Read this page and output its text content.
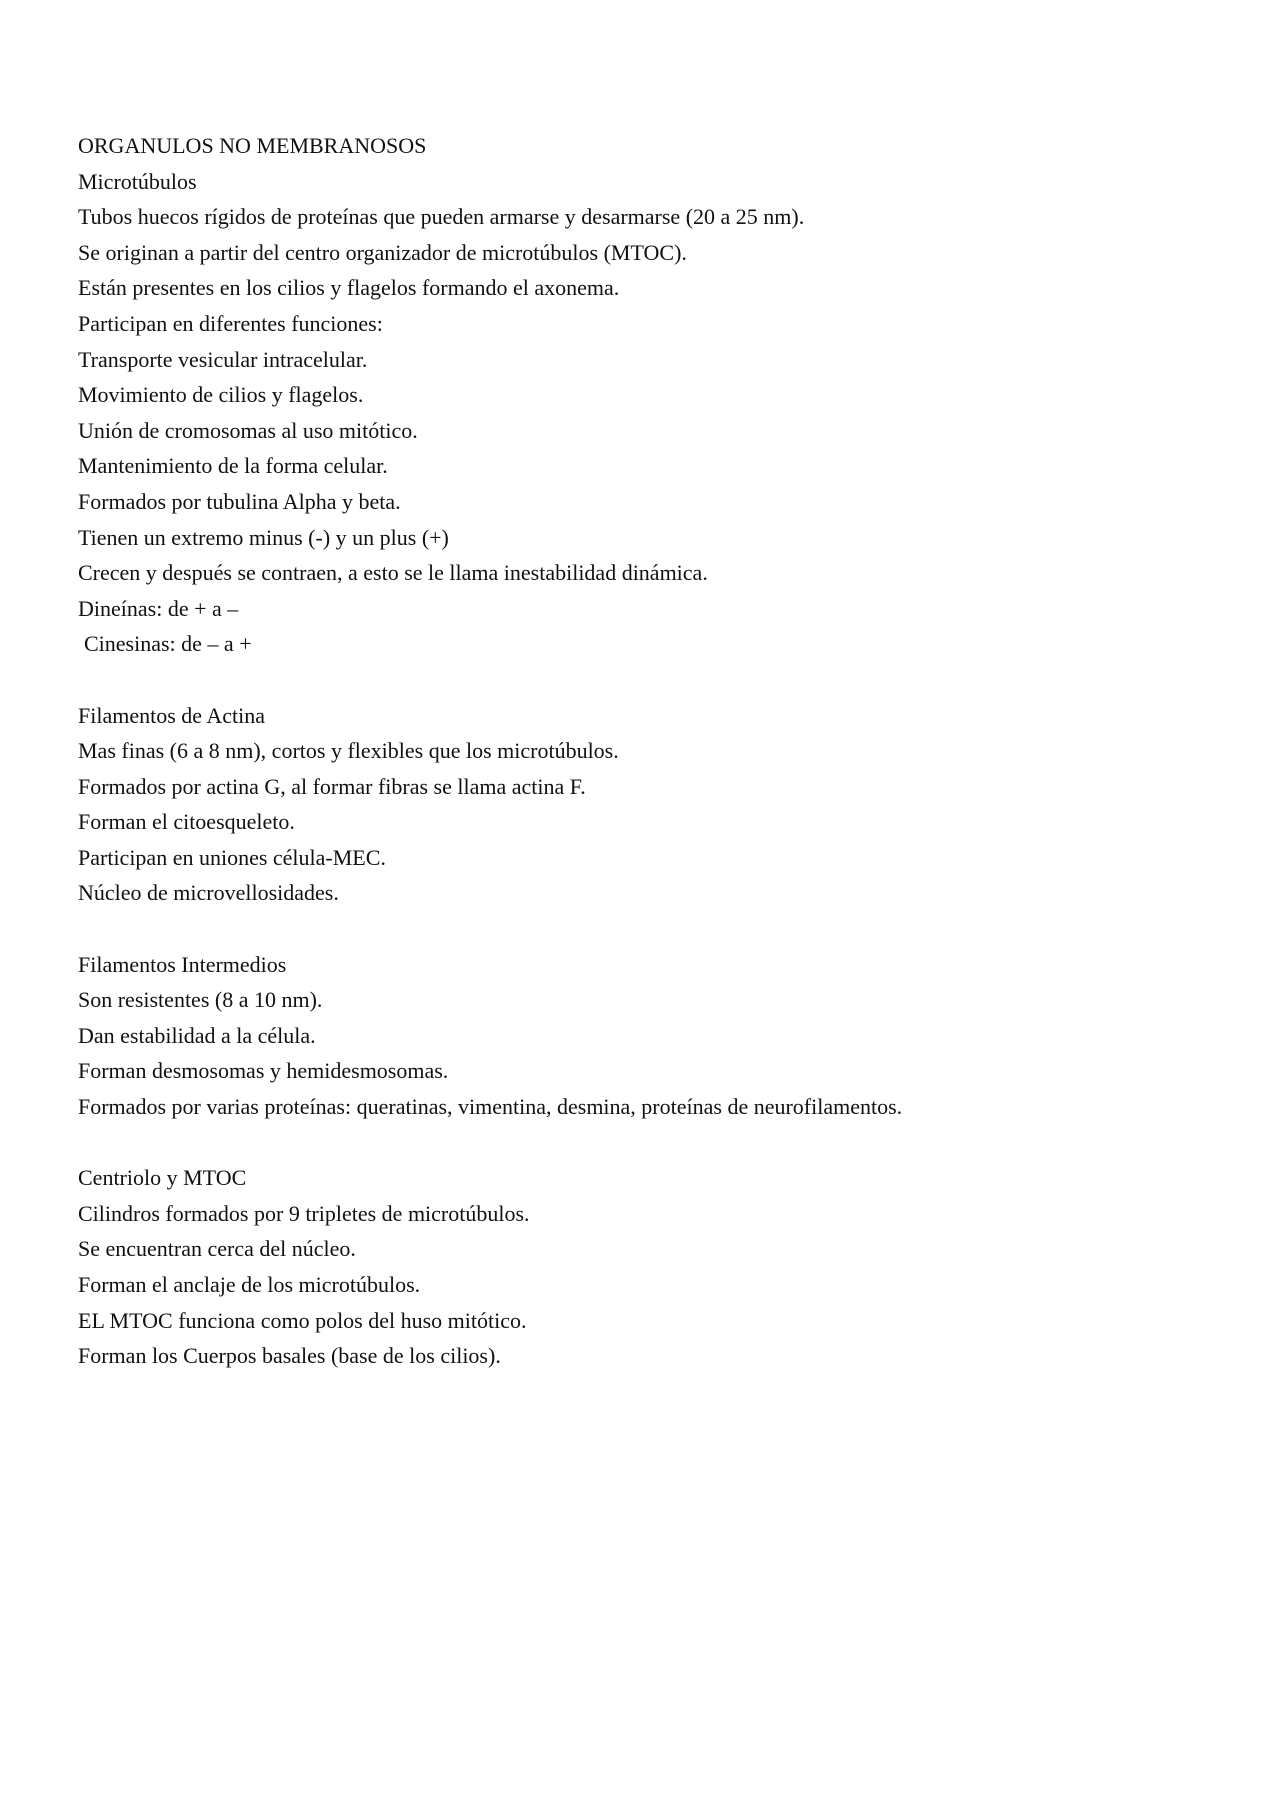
ORGANULOS NO MEMBRANOSOS
Microtúbulos
Tubos huecos rígidos de proteínas que pueden armarse y desarmarse (20 a 25 nm).
Se originan a partir del centro organizador de microtúbulos (MTOC).
Están presentes en los cilios y flagelos formando el axonema.
Participan en diferentes funciones:
Transporte vesicular intracelular.
Movimiento de cilios y flagelos.
Unión de cromosomas al uso mitótico.
Mantenimiento de la forma celular.
Formados por tubulina Alpha y beta.
Tienen un extremo minus (-) y un plus (+)
Crecen y después se contraen, a esto se le llama inestabilidad dinámica.
Dineínas: de + a –
Cinesinas: de – a +
Filamentos de Actina
Mas finas (6 a 8 nm), cortos y flexibles que los microtúbulos.
Formados por actina G, al formar fibras se llama actina F.
Forman el citoesqueleto.
Participan en uniones célula-MEC.
Núcleo de microvellosidades.
Filamentos Intermedios
Son resistentes (8 a 10 nm).
Dan estabilidad a la célula.
Forman desmosomas y hemidesmosomas.
Formados por varias proteínas: queratinas, vimentina, desmina, proteínas de neurofilamentos.
Centriolo y MTOC
Cilindros formados por 9 tripletes de microtúbulos.
Se encuentran cerca del núcleo.
Forman el anclaje de los microtúbulos.
EL MTOC funciona como polos del huso mitótico.
Forman los Cuerpos basales (base de los cilios).
